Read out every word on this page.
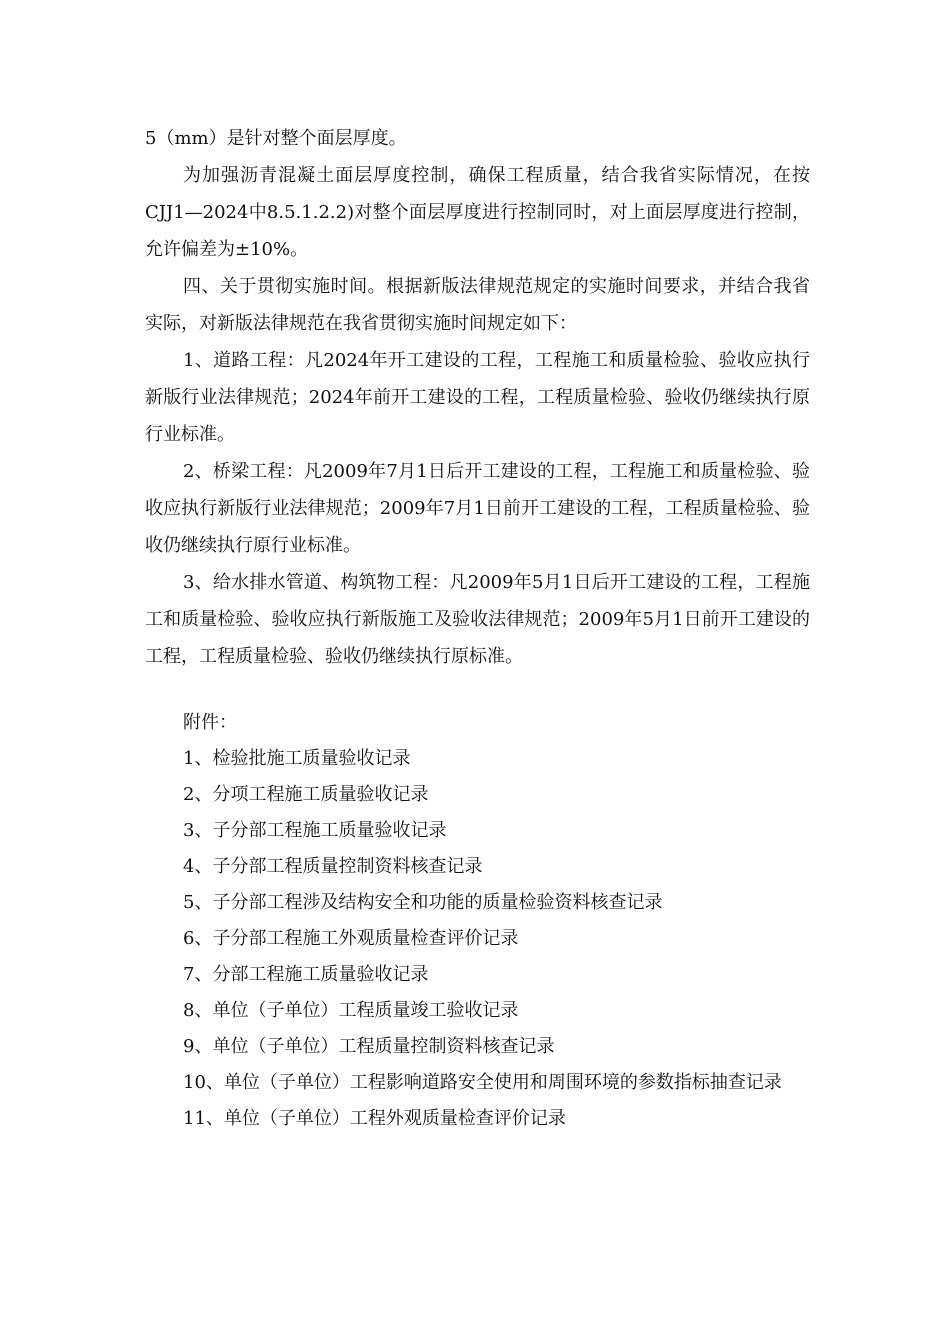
5（mm）是针对整个面层厚度。

为加强沥青混凝土面层厚度控制，确保工程质量，结合我省实际情况，在按CJJ1—2024中8.5.1.2.2)对整个面层厚度进行控制同时，对上面层厚度进行控制，允许偏差为±10%。

四、关于贯彻实施时间。根据新版法律规范规定的实施时间要求，并结合我省实际，对新版法律规范在我省贯彻实施时间规定如下：

1、道路工程：凡2024年开工建设的工程，工程施工和质量检验、验收应执行新版行业法律规范；2024年前开工建设的工程，工程质量检验、验收仍继续执行原行业标准。

2、桥梁工程：凡2009年7月1日后开工建设的工程，工程施工和质量检验、验收应执行新版行业法律规范；2009年7月1日前开工建设的工程，工程质量检验、验收仍继续执行原行业标准。

3、给水排水管道、构筑物工程：凡2009年5月1日后开工建设的工程，工程施工和质量检验、验收应执行新版施工及验收法律规范；2009年5月1日前开工建设的工程，工程质量检验、验收仍继续执行原标准。

附件：

1、检验批施工质量验收记录

2、分项工程施工质量验收记录

3、子分部工程施工质量验收记录

4、子分部工程质量控制资料核查记录

5、子分部工程涉及结构安全和功能的质量检验资料核查记录

6、子分部工程施工外观质量检查评价记录

7、分部工程施工质量验收记录

8、单位（子单位）工程质量竣工验收记录

9、单位（子单位）工程质量控制资料核查记录

10、单位（子单位）工程影响道路安全使用和周围环境的参数指标抽查记录

11、单位（子单位）工程外观质量检查评价记录
